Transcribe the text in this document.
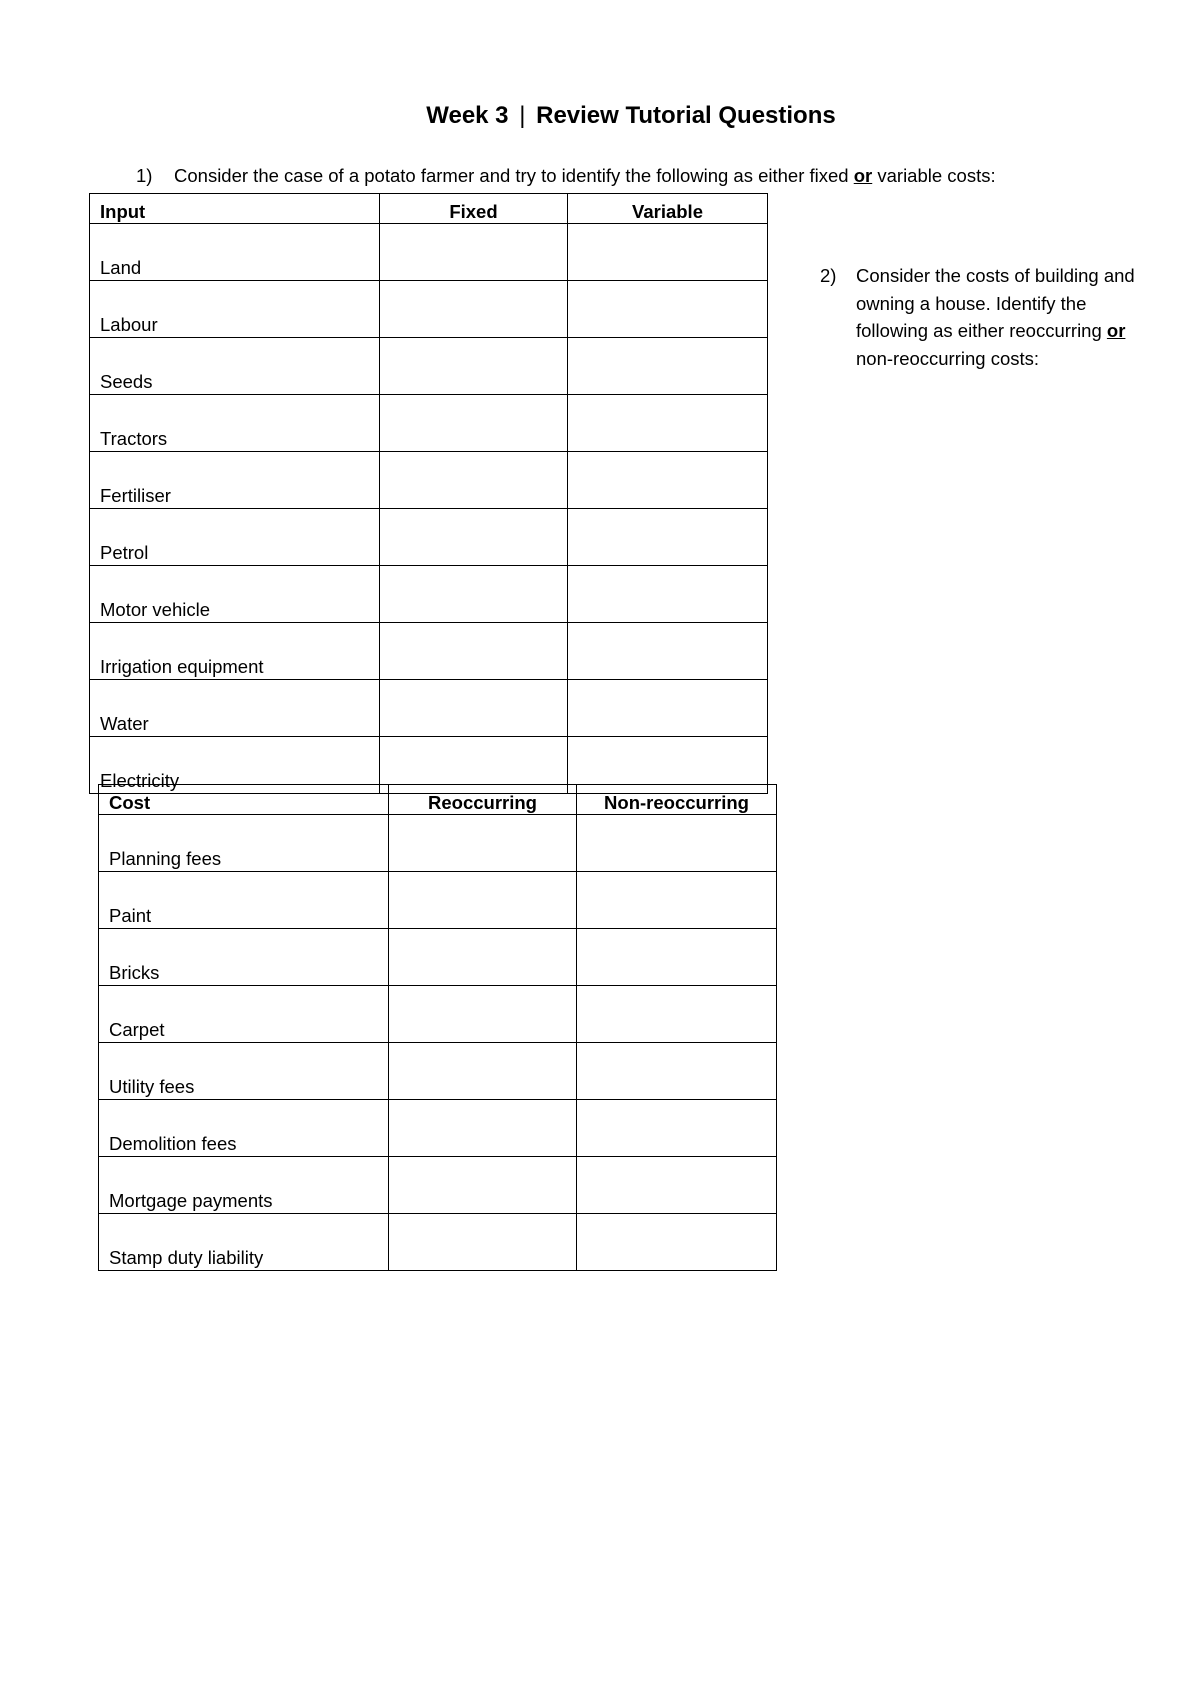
Week 3 | Review Tutorial Questions
1) Consider the case of a potato farmer and try to identify the following as either fixed or variable costs:
2)	Consider the costs of building and owning a house. Identify the following as either reoccurring or non-reoccurring costs:
Input	Fixed	Variable
Land		
Labour		
Seeds		
Tractors		
Fertiliser		
Petrol		
Motor vehicle		
Irrigation equipment		
Water		
Electricity		
Cost	Reoccurring	Non-reoccurring
Planning fees		
Paint		
Bricks		
Carpet		
Utility fees		
Demolition fees		
Mortgage payments		
Stamp duty liability		
